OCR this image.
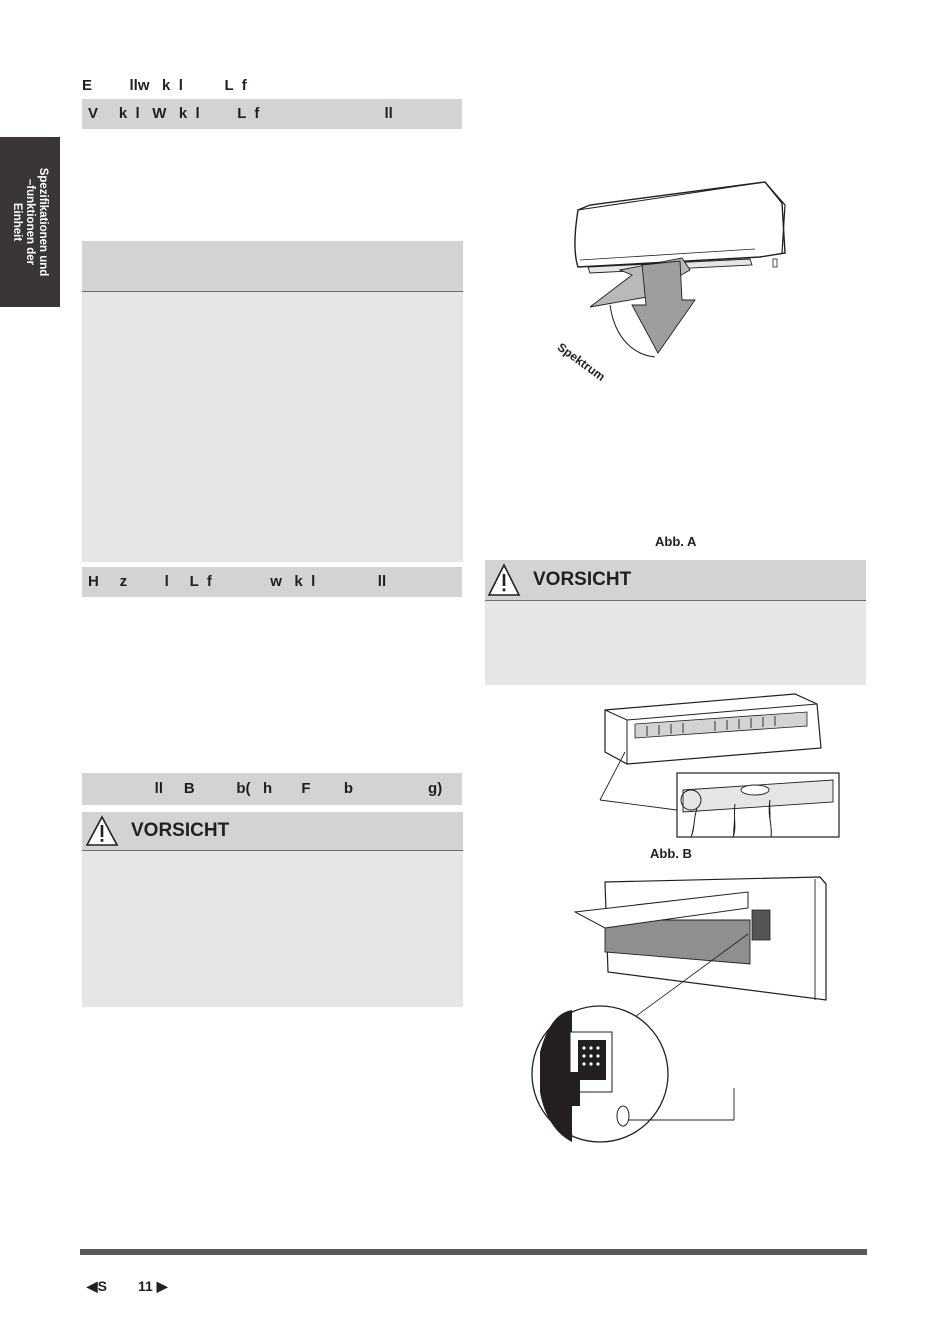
Spezifikationen und
–funktionen der
Einheit
E         llw   k  l          L  f
V     k  l   W   k  l         L  f                              ll

H     z         l     L  f              w   k  l               ll
ll     B          b(   h       F        b                  g)
VORSICHT
Spektrum
Abb. A
VORSICHT
Abb. B

◀S        11 ▶
